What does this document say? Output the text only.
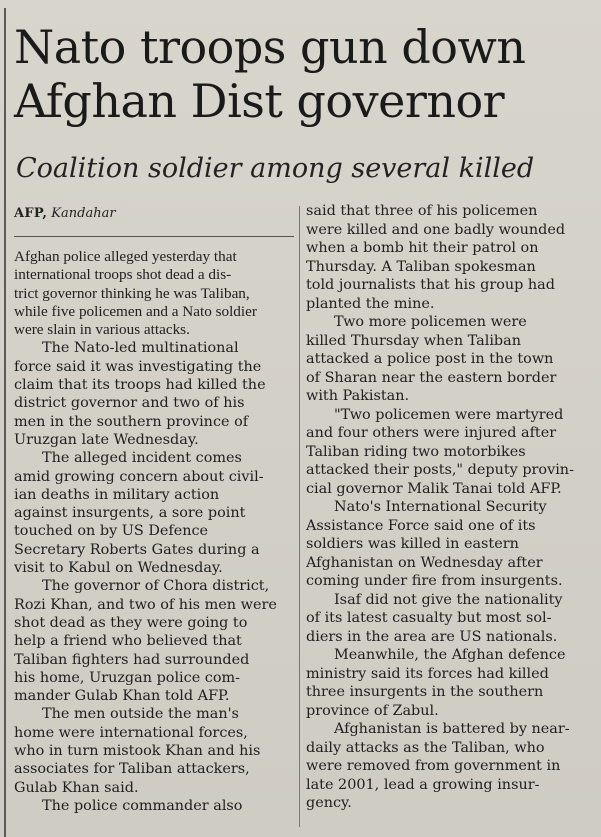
Nato troops gun down
Afghan Dist governor
Coalition soldier among several killed
AFP, Kandahar
Afghan police alleged yesterday that
international troops shot dead a dis-
trict governor thinking he was Taliban,
while five policemen and a Nato soldier
were slain in various attacks.
The Nato-led multinational
force said it was investigating the
claim that its troops had killed the
district governor and two of his
men in the southern province of
Uruzgan late Wednesday.
The alleged incident comes
amid growing concern about civil-
ian deaths in military action
against insurgents, a sore point
touched on by US Defence
Secretary Roberts Gates during a
visit to Kabul on Wednesday.
The governor of Chora district,
Rozi Khan, and two of his men were
shot dead as they were going to
help a friend who believed that
Taliban fighters had surrounded
his home, Uruzgan police com-
mander Gulab Khan told AFP.
The men outside the man's
home were international forces,
who in turn mistook Khan and his
associates for Taliban attackers,
Gulab Khan said.
The police commander also
said that three of his policemen
were killed and one badly wounded
when a bomb hit their patrol on
Thursday. A Taliban spokesman
told journalists that his group had
planted the mine.
Two more policemen were
killed Thursday when Taliban
attacked a police post in the town
of Sharan near the eastern border
with Pakistan.
"Two policemen were martyred
and four others were injured after
Taliban riding two motorbikes
attacked their posts," deputy provin-
cial governor Malik Tanai told AFP.
Nato's International Security
Assistance Force said one of its
soldiers was killed in eastern
Afghanistan on Wednesday after
coming under fire from insurgents.
Isaf did not give the nationality
of its latest casualty but most sol-
diers in the area are US nationals.
Meanwhile, the Afghan defence
ministry said its forces had killed
three insurgents in the southern
province of Zabul.
Afghanistan is battered by near-
daily attacks as the Taliban, who
were removed from government in
late 2001, lead a growing insur-
gency.
